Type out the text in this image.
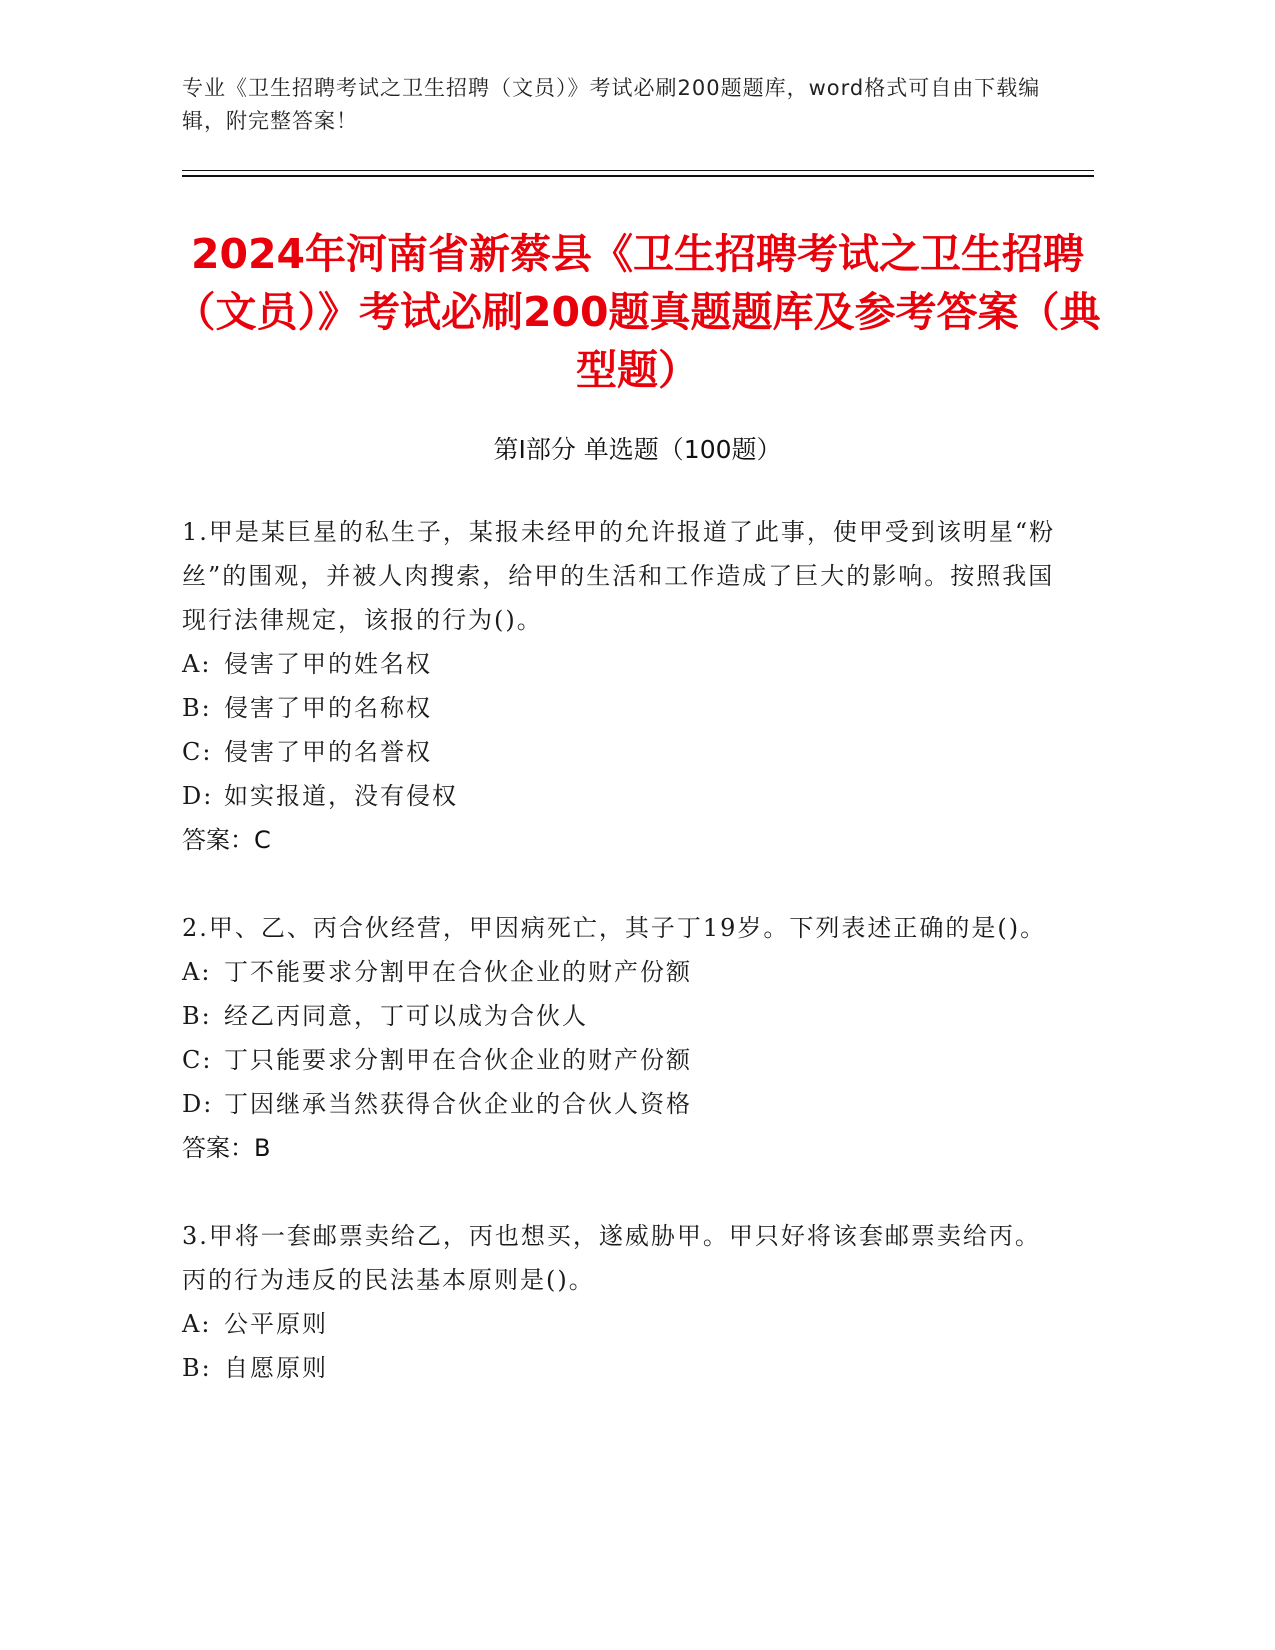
专业《卫生招聘考试之卫生招聘（文员）》考试必刷200题题库，word格式可自由下载编辑，附完整答案！
2024年河南省新蔡县《卫生招聘考试之卫生招聘（文员）》考试必刷200题真题题库及参考答案（典型题）
第Ⅰ部分 单选题（100题）

1.甲是某巨星的私生子，某报未经甲的允许报道了此事，使甲受到该明星“粉丝”的围观，并被人肉搜索，给甲的生活和工作造成了巨大的影响。按照我国现行法律规定，该报的行为()。

A: 侵害了甲的姓名权

B: 侵害了甲的名称权

C: 侵害了甲的名誉权

D: 如实报道，没有侵权

答案：C

2.甲、乙、丙合伙经营，甲因病死亡，其子丁19岁。下列表述正确的是()。

A: 丁不能要求分割甲在合伙企业的财产份额

B: 经乙丙同意，丁可以成为合伙人

C: 丁只能要求分割甲在合伙企业的财产份额

D: 丁因继承当然获得合伙企业的合伙人资格

答案：B

3.甲将一套邮票卖给乙，丙也想买，遂威胁甲。甲只好将该套邮票卖给丙。丙的行为违反的民法基本原则是()。

A: 公平原则

B: 自愿原则
